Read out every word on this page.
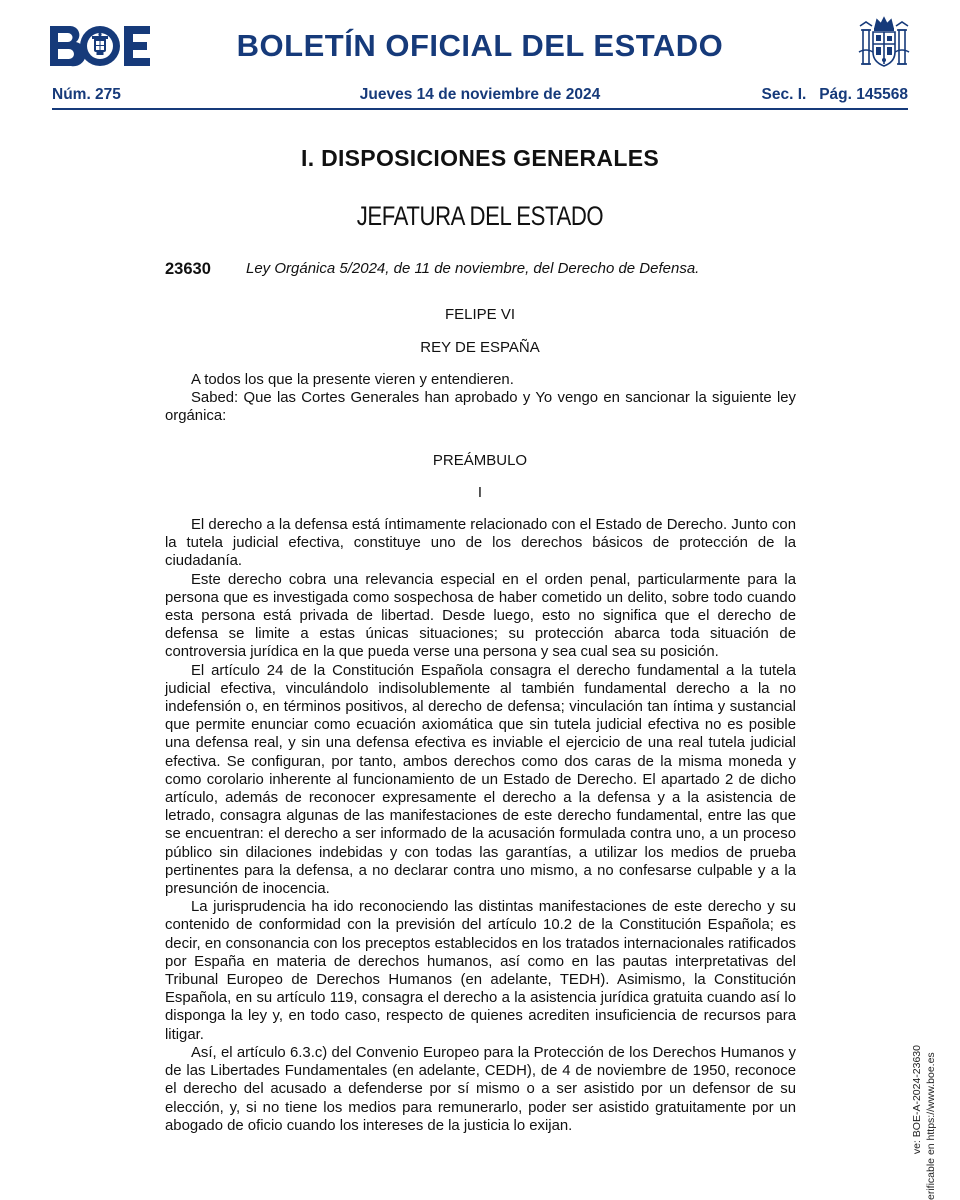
BOLETÍN OFICIAL DEL ESTADO
Núm. 275	Jueves 14 de noviembre de 2024	Sec. I.   Pág. 145568
I. DISPOSICIONES GENERALES
JEFATURA DEL ESTADO
23630 Ley Orgánica 5/2024, de 11 de noviembre, del Derecho de Defensa.
FELIPE VI
REY DE ESPAÑA

A todos los que la presente vieren y entendieren.

Sabed: Que las Cortes Generales han aprobado y Yo vengo en sancionar la siguiente ley orgánica:

PREÁMBULO
I

El derecho a la defensa está íntimamente relacionado con el Estado de Derecho. Junto con la tutela judicial efectiva, constituye uno de los derechos básicos de protección de la ciudadanía.

Este derecho cobra una relevancia especial en el orden penal, particularmente para la persona que es investigada como sospechosa de haber cometido un delito, sobre todo cuando esta persona está privada de libertad. Desde luego, esto no significa que el derecho de defensa se limite a estas únicas situaciones; su protección abarca toda situación de controversia jurídica en la que pueda verse una persona y sea cual sea su posición.

El artículo 24 de la Constitución Española consagra el derecho fundamental a la tutela judicial efectiva, vinculándolo indisolublemente al también fundamental derecho a la no indefensión o, en términos positivos, al derecho de defensa; vinculación tan íntima y sustancial que permite enunciar como ecuación axiomática que sin tutela judicial efectiva no es posible una defensa real, y sin una defensa efectiva es inviable el ejercicio de una real tutela judicial efectiva. Se configuran, por tanto, ambos derechos como dos caras de la misma moneda y como corolario inherente al funcionamiento de un Estado de Derecho. El apartado 2 de dicho artículo, además de reconocer expresamente el derecho a la defensa y a la asistencia de letrado, consagra algunas de las manifestaciones de este derecho fundamental, entre las que se encuentran: el derecho a ser informado de la acusación formulada contra uno, a un proceso público sin dilaciones indebidas y con todas las garantías, a utilizar los medios de prueba pertinentes para la defensa, a no declarar contra uno mismo, a no confesarse culpable y a la presunción de inocencia.

La jurisprudencia ha ido reconociendo las distintas manifestaciones de este derecho y su contenido de conformidad con la previsión del artículo 10.2 de la Constitución Española; es decir, en consonancia con los preceptos establecidos en los tratados internacionales ratificados por España en materia de derechos humanos, así como en las pautas interpretativas del Tribunal Europeo de Derechos Humanos (en adelante, TEDH). Asimismo, la Constitución Española, en su artículo 119, consagra el derecho a la asistencia jurídica gratuita cuando así lo disponga la ley y, en todo caso, respecto de quienes acrediten insuficiencia de recursos para litigar.

Así, el artículo 6.3.c) del Convenio Europeo para la Protección de los Derechos Humanos y de las Libertades Fundamentales (en adelante, CEDH), de 4 de noviembre de 1950, reconoce el derecho del acusado a defenderse por sí mismo o a ser asistido por un defensor de su elección, y, si no tiene los medios para remunerarlo, poder ser asistido gratuitamente por un abogado de oficio cuando los intereses de la justicia lo exijan.	ve: BOE-A-2024-23630 erificable en https://www.boe.es
